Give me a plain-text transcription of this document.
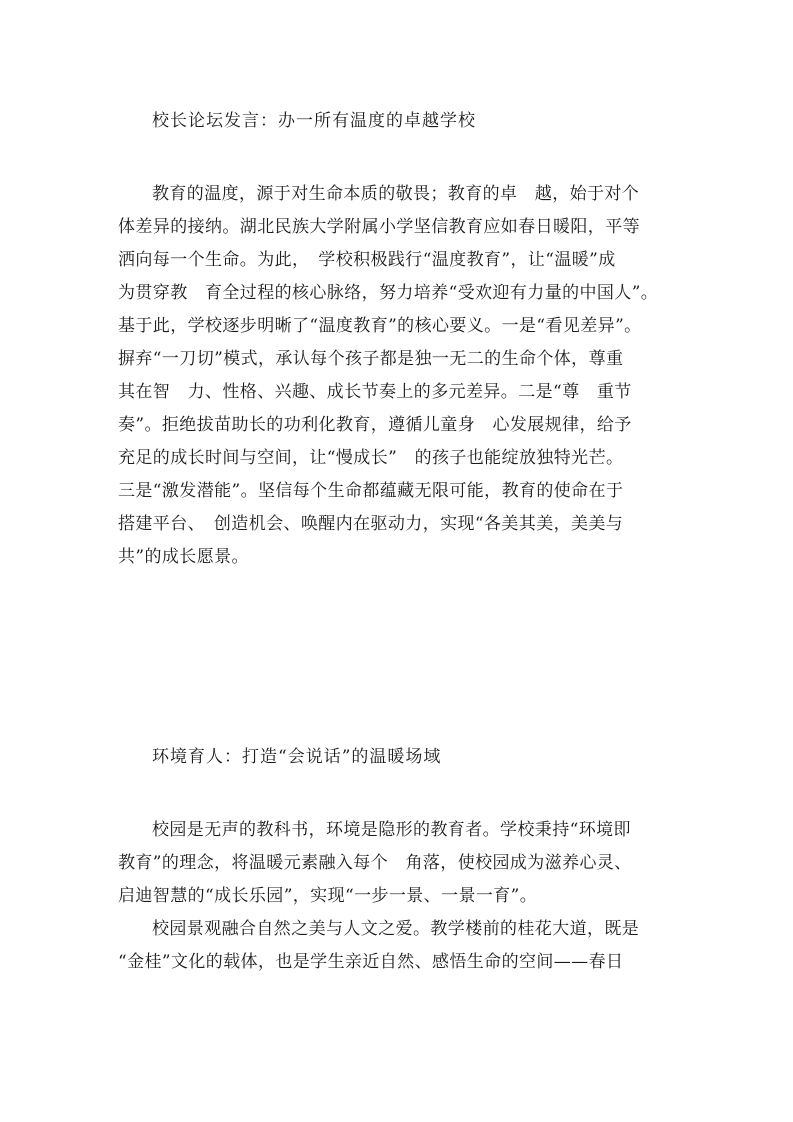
校长论坛发言：办一所有温度的卓越学校
教育的温度，源于对生命本质的敬畏；教育的卓　越，始于对个
体差异的接纳。湖北民族大学附属小学坚信教育应如春日暖阳，平等
洒向每一个生命。为此，　学校积极践行“温度教育”，让“温暖”成
为贯穿教　育全过程的核心脉络，努力培养“受欢迎有力量的中国人”。
基于此，学校逐步明晰了“温度教育”的核心要义。一是“看见差异”。
摒弃“一刀切”模式，承认每个孩子都是独一无二的生命个体，尊重
其在智　力、性格、兴趣、成长节奏上的多元差异。二是“尊　重节
奏”。拒绝拔苗助长的功利化教育，遵循儿童身　心发展规律，给予
充足的成长时间与空间，让“慢成长”　的孩子也能绽放独特光芒。
三是“激发潜能”。坚信每个生命都蕴藏无限可能，教育的使命在于
搭建平台、　创造机会、唤醒内在驱动力，实现“各美其美，美美与
共”的成长愿景。
环境育人：打造“会说话”的温暖场域
校园是无声的教科书，环境是隐形的教育者。学校秉持“环境即
教育”的理念，将温暖元素融入每个　角落，使校园成为滋养心灵、
启迪智慧的“成长乐园”，实现“一步一景、一景一育”。
校园景观融合自然之美与人文之爱。教学楼前的桂花大道，既是
“金桂”文化的载体，也是学生亲近自然、感悟生命的空间——春日
